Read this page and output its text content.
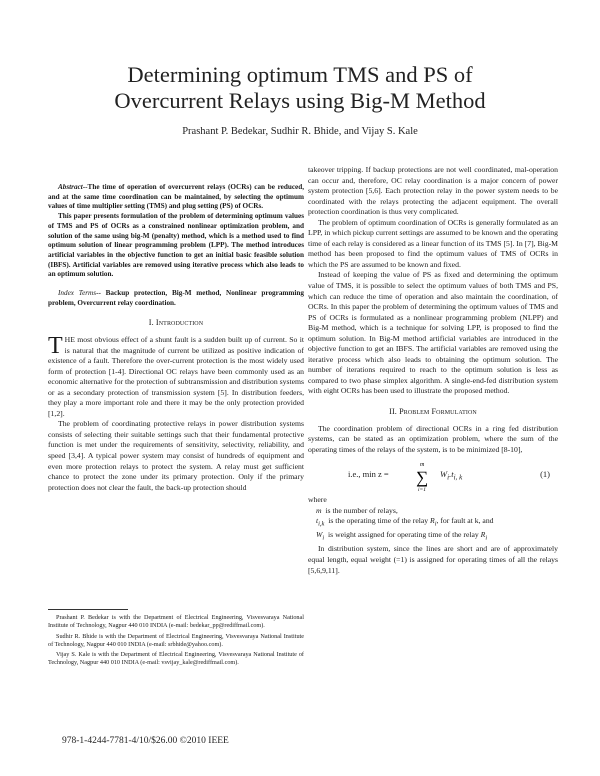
Determining optimum TMS and PS of
Overcurrent Relays using Big-M Method
Prashant P. Bedekar, Sudhir R. Bhide, and Vijay S. Kale

Abstract--The time of operation of overcurrent relays (OCRs) can be reduced, and at the same time coordination can be maintained, by selecting the optimum values of time multiplier setting (TMS) and plug setting (PS) of OCRs.

This paper presents formulation of the problem of determining optimum values of TMS and PS of OCRs as a constrained nonlinear optimization problem, and solution of the same using big-M (penalty) method, which is a method used to find optimum solution of linear programming problem (LPP). The method introduces artificial variables in the objective function to get an initial basic feasible solution (IBFS). Artificial variables are removed using iterative process which also leads to an optimum solution.

Index Terms-- Backup protection, Big-M method, Nonlinear programming problem, Overcurrent relay coordination.

I. Introduction

THE most obvious effect of a shunt fault is a sudden built up of current. So it is natural that the magnitude of current be utilized as positive indication of existence of a fault. Therefore the over-current protection is the most widely used form of protection [1-4]. Directional OC relays have been commonly used as an economic alternative for the protection of subtransmission and distribution systems or as a secondary protection of transmission system [5]. In distribution feeders, they play a more important role and there it may be the only protection provided [1,2].

The problem of coordinating protective relays in power distribution systems consists of selecting their suitable settings such that their fundamental protective function is met under the requirements of sensitivity, selectivity, reliability, and speed [3,4]. A typical power system may consist of hundreds of equipment and even more protection relays to protect the system. A relay must get sufficient chance to protect the zone under its primary protection. Only if the primary protection does not clear the fault, the back-up protection should

Prashant P. Bedekar is with the Department of Electrical Engineering, Visvesvaraya National Institute of Technology, Nagpur 440 010 INDIA (e-mail: bedekar_pp@rediffmail.com).

Sudhir R. Bhide is with the Department of Electrical Engineering, Visvesvaraya National Institute of Technology, Nagpur 440 010 INDIA (e-mail: srbhide@yahoo.com).

Vijay S. Kale is with the Department of Electrical Engineering, Visvesvaraya National Institute of Technology, Nagpur 440 010 INDIA (e-mail: vsvijay_kale@rediffmail.com).

978-1-4244-7781-4/10/$26.00 ©2010 IEEE

takeover tripping. If backup protections are not well coordinated, mal-operation can occur and, therefore, OC relay coordination is a major concern of power system protection [5,6]. Each protection relay in the power system needs to be coordinated with the relays protecting the adjacent equipment. The overall protection coordination is thus very complicated.

The problem of optimum coordination of OCRs is generally formulated as an LPP, in which pickup current settings are assumed to be known and the operating time of each relay is considered as a linear function of its TMS [5]. In [7], Big-M method has been proposed to find the optimum values of TMS of OCRs in which the PS are assumed to be known and fixed.

Instead of keeping the value of PS as fixed and determining the optimum value of TMS, it is possible to select the optimum values of both TMS and PS, which can reduce the time of operation and also maintain the coordination, of OCRs. In this paper the problem of determining the optimum values of TMS and PS of OCRs is formulated as a nonlinear programming problem (NLPP) and Big-M method, which is a technique for solving LPP, is proposed to find the optimum solution. In Big-M method artificial variables are introduced in the objective function to get an IBFS. The artificial variables are removed using the iterative process which also leads to obtaining the optimum solution. The number of iterations required to reach to the optimum solution is less as compared to two phase simplex algorithm. A single-end-fed distribution system with eight OCRs has been used to illustrate the proposed method.

II. Problem Formulation

The coordination problem of directional OCRs in a ring fed distribution systems, can be stated as an optimization problem, where the sum of the operating times of the relays of the system, is to be minimized [8-10],

i.e., min z =
m
∑
i=1
$W_i.t_{i, k}$	(1)

where

m is the number of relays,

$t_{i,k}$ is the operating time of the relay $R_i$, for fault at k, and

$W_i$ is weight assigned for operating time of the relay $R_i$

In distribution system, since the lines are short and are of approximately equal length, equal weight (=1) is assigned for operating times of all the relays [5,6,9,11].
